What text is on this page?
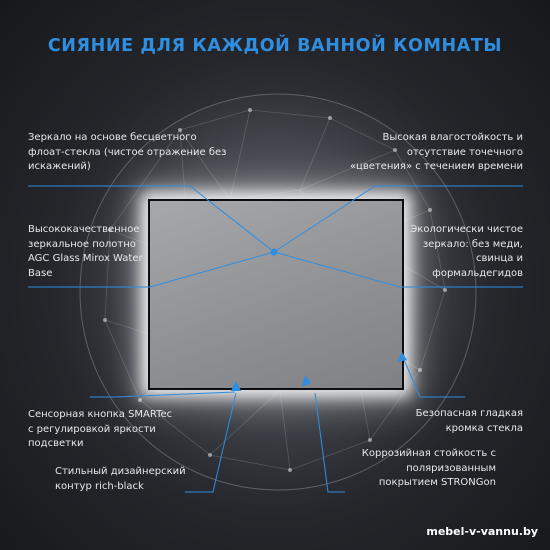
СИЯНИЕ ДЛЯ КАЖДОЙ ВАННОЙ КОМНАТЫ
Зеркало на основе бесцветного флоат-стекла (чистое отражение без искажений)
Высокая влагостойкость и отсутствие точечного «цветения» с течением времени
Высококачественное зеркальное полотно AGC Glass Mirox Water Base
Экологически чистое зеркало: без меди, свинца и формальдегидов
Сенсорная кнопка SMARTec с регулировкой яркости подсветки
Безопасная гладкая кромка стекла
Стильный дизайнерский контур rich-black
Коррозийная стойкость с поляризованным покрытием STRONGon
mebel-v-vannu.by
